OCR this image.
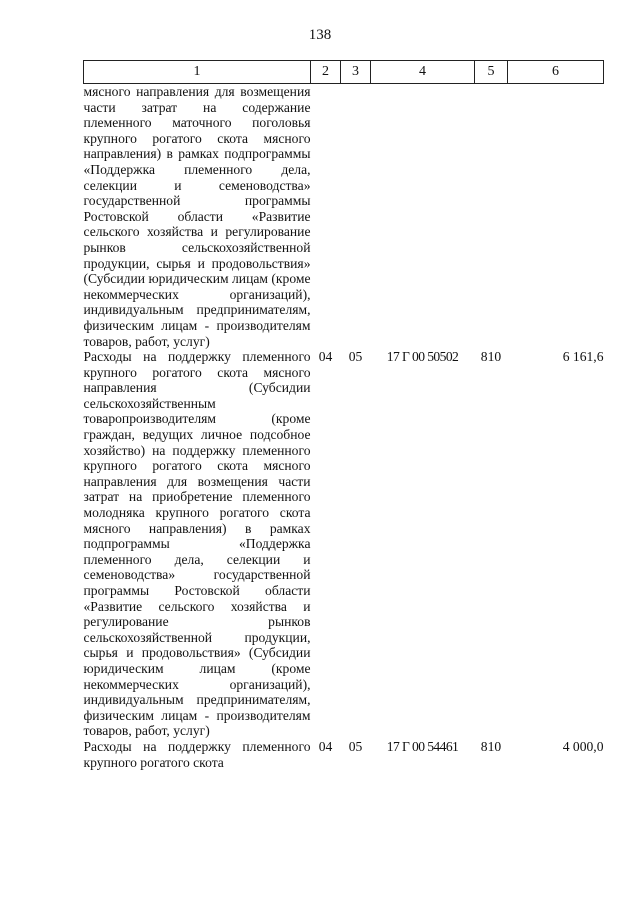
138
1	2	3	4	5	6
мясного направления для возмещения части затрат на содержание племенного маточного поголовья крупного рогатого скота мясного направления) в рамках подпрограммы «Поддержка племенного дела, селекции и семеноводства» государственной программы Ростовской области «Развитие сельского хозяйства и регулирование рынков сельскохозяйственной продукции, сырья и продовольствия» (Субсидии юридическим лицам (кроме некоммерческих организаций), индивидуальным предпринимателям, физическим лицам - производителям товаров, работ, услуг)					
Расходы на поддержку племенного крупного рогатого скота мясного направления (Субсидии сельскохозяйственным товаропроизводителям (кроме граждан, ведущих личное подсобное хозяйство) на поддержку племенного крупного рогатого скота мясного направления для возмещения части затрат на приобретение племенного молодняка крупного рогатого скота мясного направления) в рамках подпрограммы «Поддержка племенного дела, селекции и семеноводства» государственной программы Ростовской области «Развитие сельского хозяйства и регулирование рынков сельскохозяйственной продукции, сырья и продовольствия» (Субсидии юридическим лицам (кроме некоммерческих организаций), индивидуальным предпринимателям, физическим лицам - производителям товаров, работ, услуг)	04	05	17 Г 00 50502	810	6 161,6
Расходы на поддержку племенного крупного рогатого скота	04	05	17 Г 00 54461	810	4 000,0
